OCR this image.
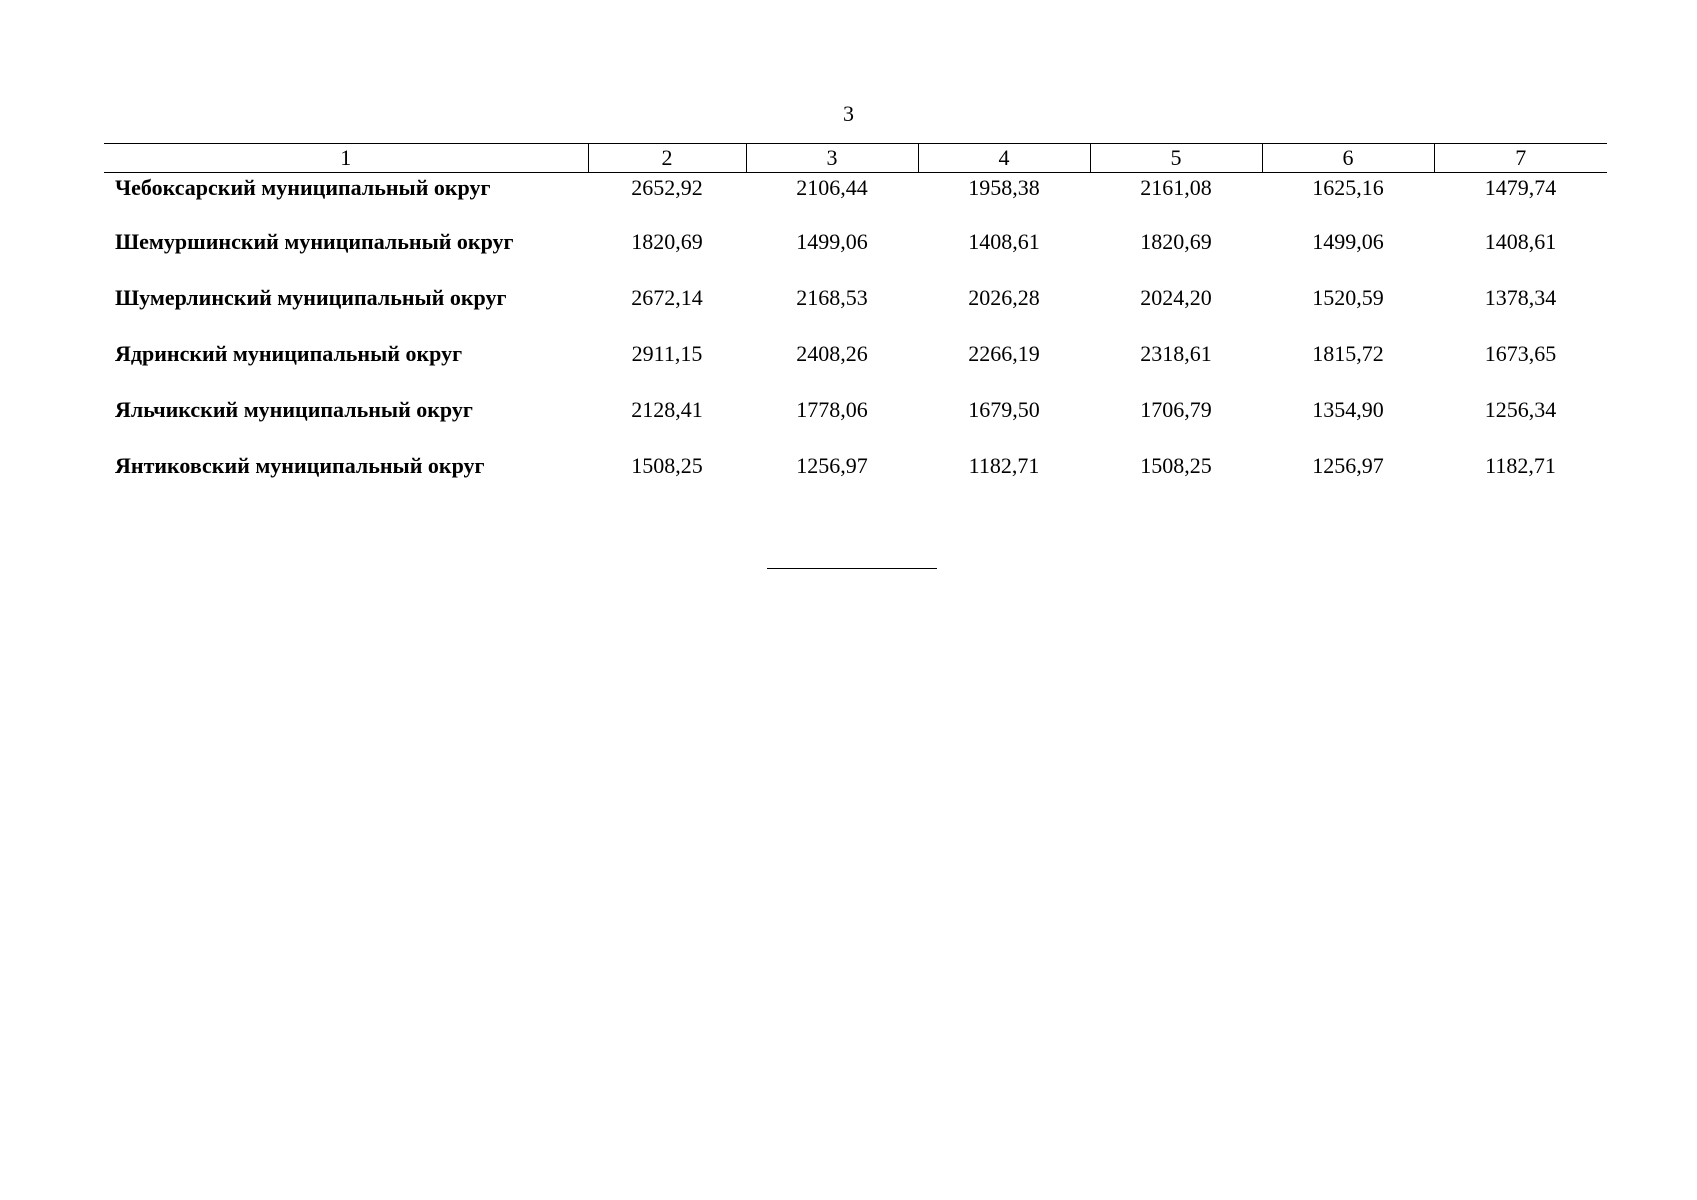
3
1	2	3	4	5	6	7
Чебоксарский муниципальный округ	2652,92	2106,44	1958,38	2161,08	1625,16	1479,74
Шемуршинский муниципальный округ	1820,69	1499,06	1408,61	1820,69	1499,06	1408,61
Шумерлинский муниципальный округ	2672,14	2168,53	2026,28	2024,20	1520,59	1378,34
Ядринский муниципальный округ	2911,15	2408,26	2266,19	2318,61	1815,72	1673,65
Яльчикский муниципальный округ	2128,41	1778,06	1679,50	1706,79	1354,90	1256,34
Янтиковский муниципальный округ	1508,25	1256,97	1182,71	1508,25	1256,97	1182,71
